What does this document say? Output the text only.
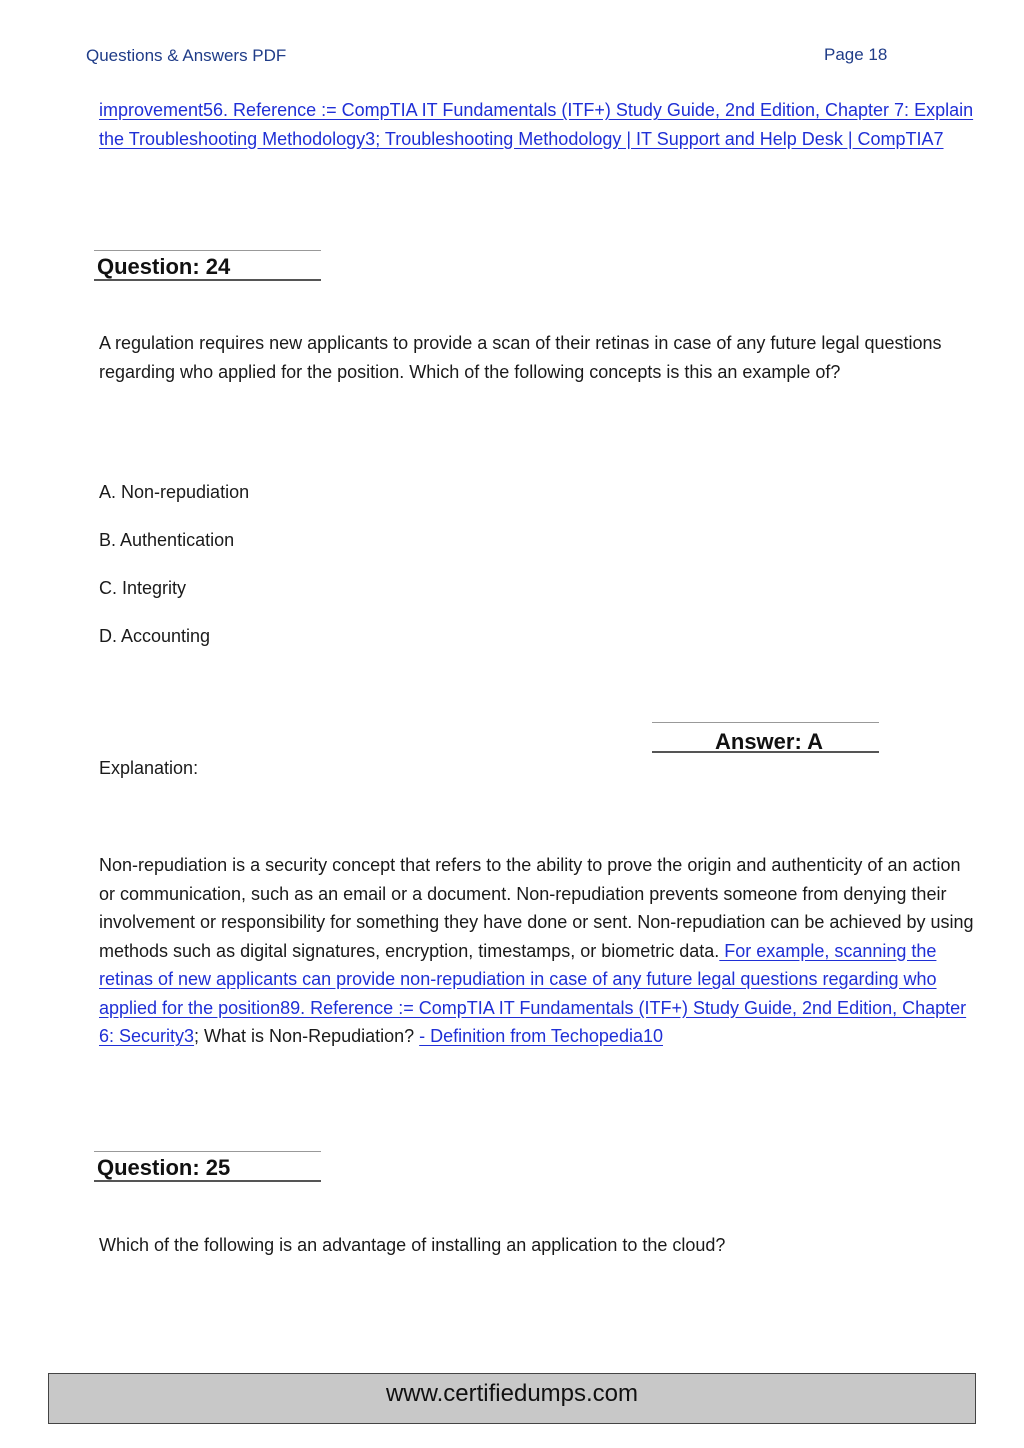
Questions & Answers PDF	Page 18
improvement56. Reference := CompTIA IT Fundamentals (ITF+) Study Guide, 2nd Edition, Chapter 7: Explain the Troubleshooting Methodology3; Troubleshooting Methodology | IT Support and Help Desk | CompTIA7
Question: 24
A regulation requires new applicants to provide a scan of their retinas in case of any future legal questions regarding who applied for the position. Which of the following concepts is this an example of?
A. Non-repudiation
B. Authentication
C. Integrity
D. Accounting
Answer: A
Explanation:
Non-repudiation is a security concept that refers to the ability to prove the origin and authenticity of an action or communication, such as an email or a document. Non-repudiation prevents someone from denying their involvement or responsibility for something they have done or sent. Non-repudiation can be achieved by using methods such as digital signatures, encryption, timestamps, or biometric data. For example, scanning the retinas of new applicants can provide non-repudiation in case of any future legal questions regarding who applied for the position89. Reference := CompTIA IT Fundamentals (ITF+) Study Guide, 2nd Edition, Chapter 6: Security3; What is Non-Repudiation? - Definition from Techopedia10
Question: 25
Which of the following is an advantage of installing an application to the cloud?
www.certifiedumps.com
